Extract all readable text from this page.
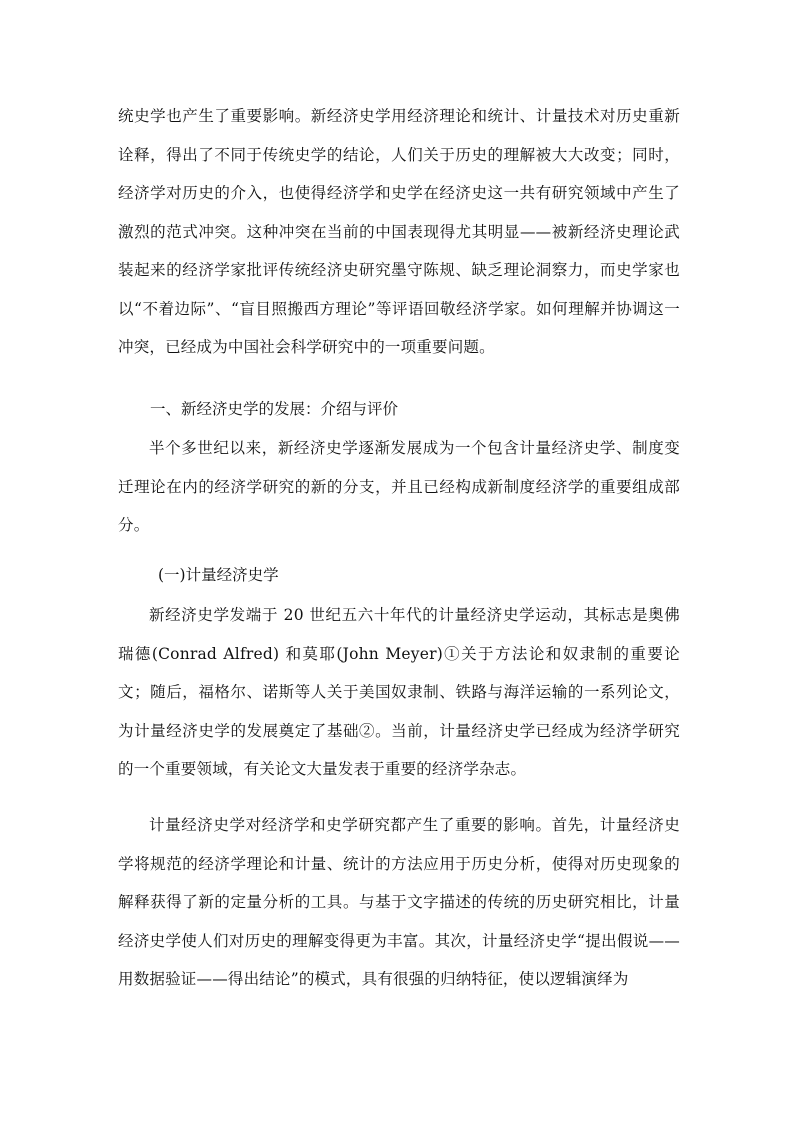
统史学也产生了重要影响。新经济史学用经济理论和统计、计量技术对历史重新诠释，得出了不同于传统史学的结论，人们关于历史的理解被大大改变；同时，经济学对历史的介入，也使得经济学和史学在经济史这一共有研究领域中产生了激烈的范式冲突。这种冲突在当前的中国表现得尤其明显——被新经济史理论武装起来的经济学家批评传统经济史研究墨守陈规、缺乏理论洞察力，而史学家也以“不着边际”、“盲目照搬西方理论”等评语回敬经济学家。如何理解并协调这一冲突，已经成为中国社会科学研究中的一项重要问题。
一、新经济史学的发展：介绍与评价
半个多世纪以来，新经济史学逐渐发展成为一个包含计量经济史学、制度变迁理论在内的经济学研究的新的分支，并且已经构成新制度经济学的重要组成部分。
(一)计量经济史学
新经济史学发端于 20 世纪五六十年代的计量经济史学运动，其标志是奥佛瑞德(Conrad Alfred) 和莫耶(John Meyer)①关于方法论和奴隶制的重要论文；随后，福格尔、诺斯等人关于美国奴隶制、铁路与海洋运输的一系列论文，为计量经济史学的发展奠定了基础②。当前，计量经济史学已经成为经济学研究的一个重要领域，有关论文大量发表于重要的经济学杂志。
计量经济史学对经济学和史学研究都产生了重要的影响。首先，计量经济史学将规范的经济学理论和计量、统计的方法应用于历史分析，使得对历史现象的解释获得了新的定量分析的工具。与基于文字描述的传统的历史研究相比，计量经济史学使人们对历史的理解变得更为丰富。其次，计量经济史学“提出假说——用数据验证——得出结论”的模式，具有很强的归纳特征，使以逻辑演绎为
